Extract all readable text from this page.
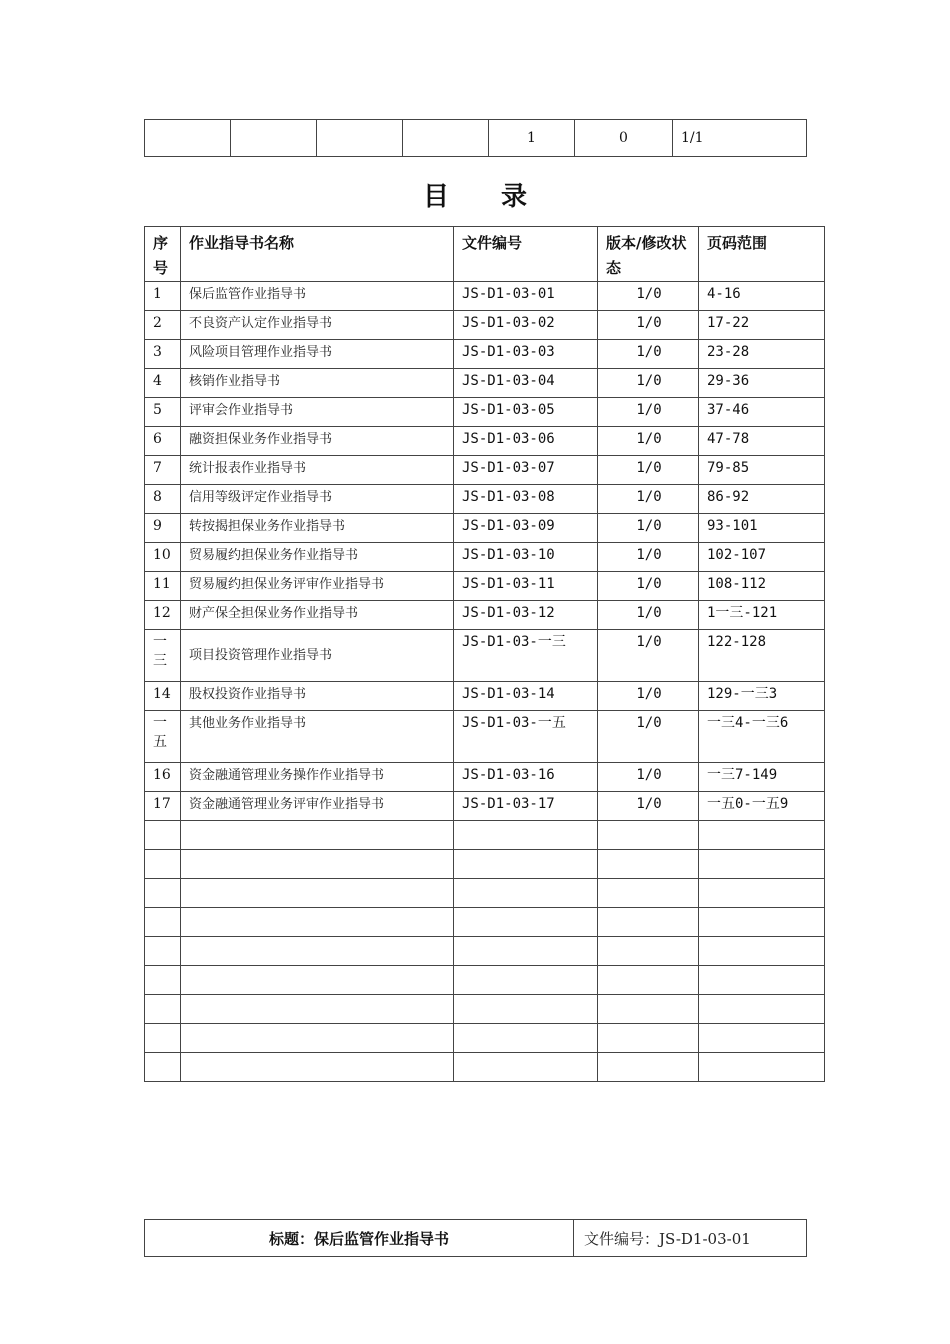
				1	0	1/1
目录
序号	作业指导书名称	文件编号	版本/修改状态	页码范围
1	保后监管作业指导书	JS-D1-03-01	1/0	4-16
2	不良资产认定作业指导书	JS-D1-03-02	1/0	17-22
3	风险项目管理作业指导书	JS-D1-03-03	1/0	23-28
4	核销作业指导书	JS-D1-03-04	1/0	29-36
5	评审会作业指导书	JS-D1-03-05	1/0	37-46
6	融资担保业务作业指导书	JS-D1-03-06	1/0	47-78
7	统计报表作业指导书	JS-D1-03-07	1/0	79-85
8	信用等级评定作业指导书	JS-D1-03-08	1/0	86-92
9	转按揭担保业务作业指导书	JS-D1-03-09	1/0	93-101
10	贸易履约担保业务作业指导书	JS-D1-03-10	1/0	102-107
11	贸易履约担保业务评审作业指导书	JS-D1-03-11	1/0	108-112
12	财产保全担保业务作业指导书	JS-D1-03-12	1/0	1一三-121
一三	项目投资管理作业指导书	JS-D1-03-一三	1/0	122-128
14	股权投资作业指导书	JS-D1-03-14	1/0	129-一三3
一五	其他业务作业指导书	JS-D1-03-一五	1/0	一三4-一三6
16	资金融通管理业务操作作业指导书	JS-D1-03-16	1/0	一三7-149
17	资金融通管理业务评审作业指导书	JS-D1-03-17	1/0	一五0-一五9

标题：保后监管作业指导书	文件编号：JS-D1-03-01
